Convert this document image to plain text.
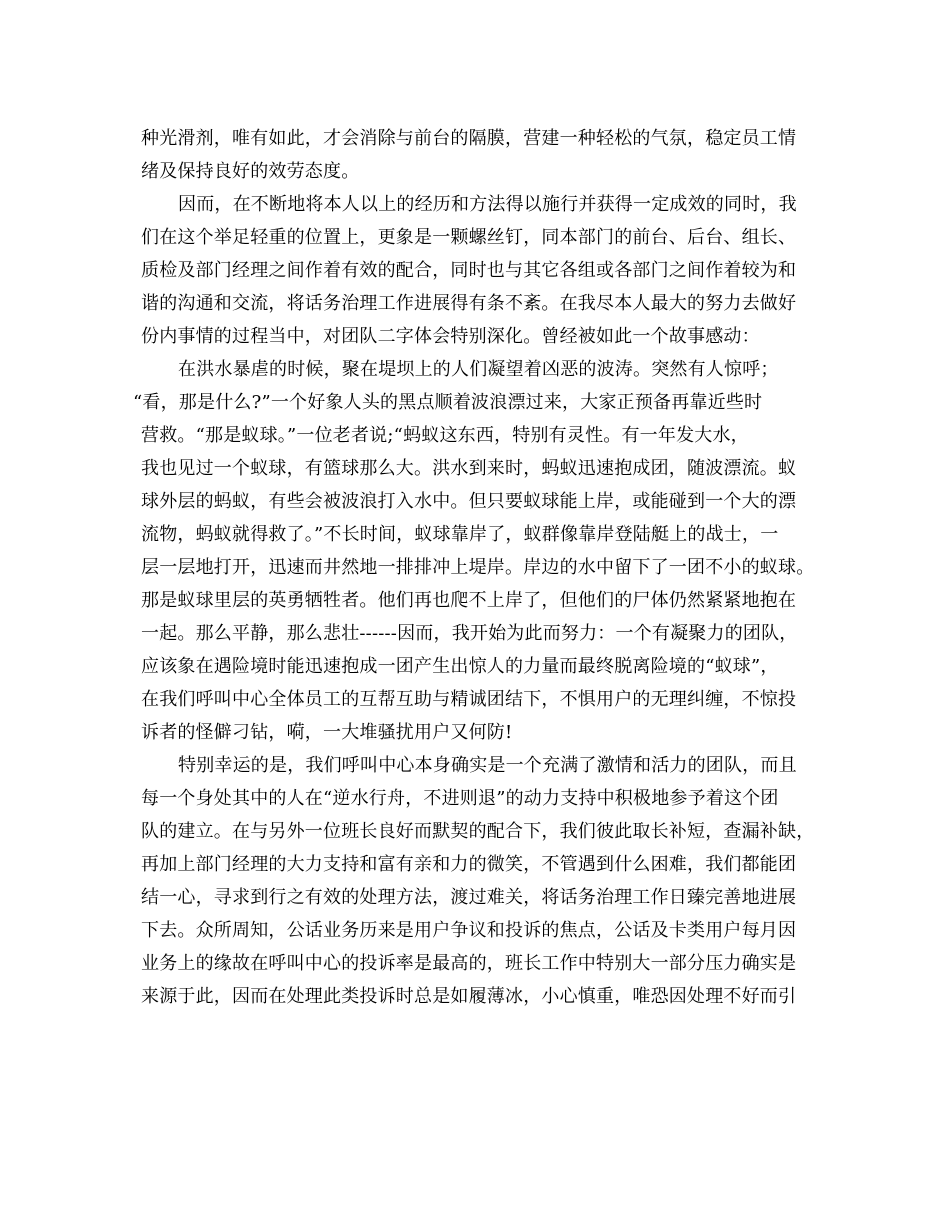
种光滑剂，唯有如此，才会消除与前台的隔膜，营建一种轻松的气氛，稳定员工情
绪及保持良好的效劳态度。
因而，在不断地将本人以上的经历和方法得以施行并获得一定成效的同时，我
们在这个举足轻重的位置上，更象是一颗螺丝钉，同本部门的前台、后台、组长、
质检及部门经理之间作着有效的配合，同时也与其它各组或各部门之间作着较为和
谐的沟通和交流，将话务治理工作进展得有条不紊。在我尽本人最大的努力去做好
份内事情的过程当中，对团队二字体会特别深化。曾经被如此一个故事感动：
在洪水暴虐的时候，聚在堤坝上的人们凝望着凶恶的波涛。突然有人惊呼；
“看，那是什么?”一个好象人头的黑点顺着波浪漂过来，大家正预备再靠近些时
营救。“那是蚁球。”一位老者说;“蚂蚁这东西，特别有灵性。有一年发大水，
我也见过一个蚁球，有篮球那么大。洪水到来时，蚂蚁迅速抱成团，随波漂流。蚁
球外层的蚂蚁，有些会被波浪打入水中。但只要蚁球能上岸，或能碰到一个大的漂
流物，蚂蚁就得救了。”不长时间，蚁球靠岸了，蚁群像靠岸登陆艇上的战士，一
层一层地打开，迅速而井然地一排排冲上堤岸。岸边的水中留下了一团不小的蚁球。
那是蚁球里层的英勇牺牲者。他们再也爬不上岸了，但他们的尸体仍然紧紧地抱在
一起。那么平静，那么悲壮------因而，我开始为此而努力：一个有凝聚力的团队，
应该象在遇险境时能迅速抱成一团产生出惊人的力量而最终脱离险境的“蚁球”，
在我们呼叫中心全体员工的互帮互助与精诚团结下，不惧用户的无理纠缠，不惊投
诉者的怪僻刁钻，嗬，一大堆骚扰用户又何防!
特别幸运的是，我们呼叫中心本身确实是一个充满了激情和活力的团队，而且
每一个身处其中的人在“逆水行舟，不进则退”的动力支持中积极地参予着这个团
队的建立。在与另外一位班长良好而默契的配合下，我们彼此取长补短，查漏补缺，
再加上部门经理的大力支持和富有亲和力的微笑，不管遇到什么困难，我们都能团
结一心，寻求到行之有效的处理方法，渡过难关，将话务治理工作日臻完善地进展
下去。众所周知，公话业务历来是用户争议和投诉的焦点，公话及卡类用户每月因
业务上的缘故在呼叫中心的投诉率是最高的，班长工作中特别大一部分压力确实是
来源于此，因而在处理此类投诉时总是如履薄冰，小心慎重，唯恐因处理不好而引
